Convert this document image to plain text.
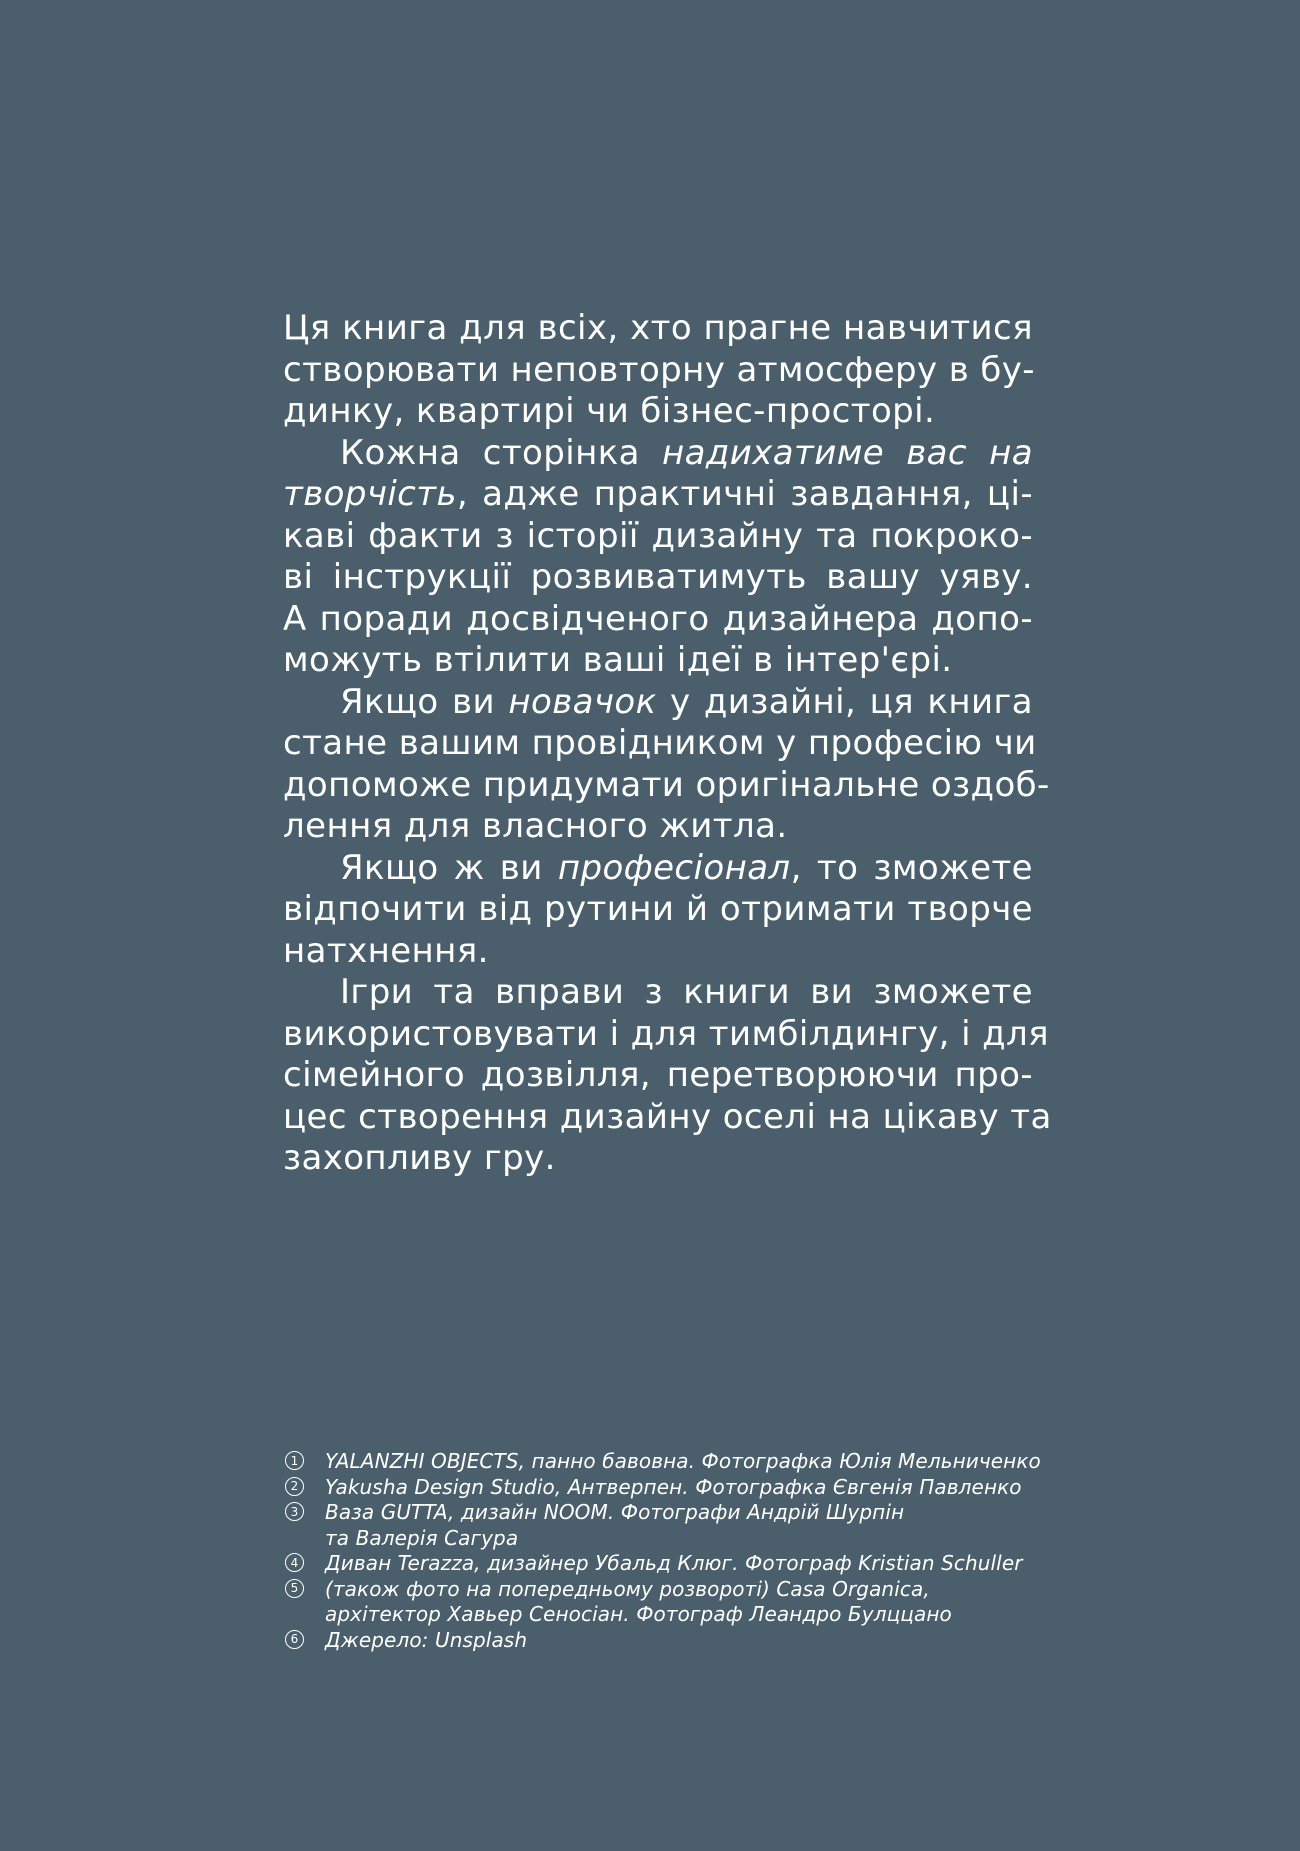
Ця книга для всіх, хто прагне навчитися
створювати неповторну атмосферу в бу-
динку, квартирі чи бізнес-просторі.
Кожна сторінка надихатиме вас на
творчість, адже практичні завдання, ці-
каві факти з історії дизайну та покроко-
ві інструкції розвиватимуть вашу уяву.
А поради досвідченого дизайнера допо-
можуть втілити ваші ідеї в інтер'єрі.
Якщо ви новачок у дизайні, ця книга
стане вашим провідником у професію чи
допоможе придумати оригінальне оздоб-
лення для власного житла.
Якщо ж ви професіонал, то зможете
відпочити від рутини й отримати творче
натхнення.
Ігри та вправи з книги ви зможете
використовувати і для тимбілдингу, і для
сімейного дозвілля, перетворюючи про-
цес створення дизайну оселі на цікаву та
захопливу гру.
1 YALANZHI OBJECTS, панно бавовна. Фотографка Юлія Мельниченко
2 Yakusha Design Studio, Антверпен. Фотографка Євгенія Павленко
3 Ваза GUTTA, дизайн NOOM. Фотографи Андрій Шурпін
та Валерія Сагура
4 Диван Terazza, дизайнер Убальд Клюг. Фотограф Kristian Schuller
5 (також фото на попередньому розвороті) Casa Organica,
архітектор Хавьер Сеносіан. Фотограф Леандро Булццано
6 Джерело: Unsplash
